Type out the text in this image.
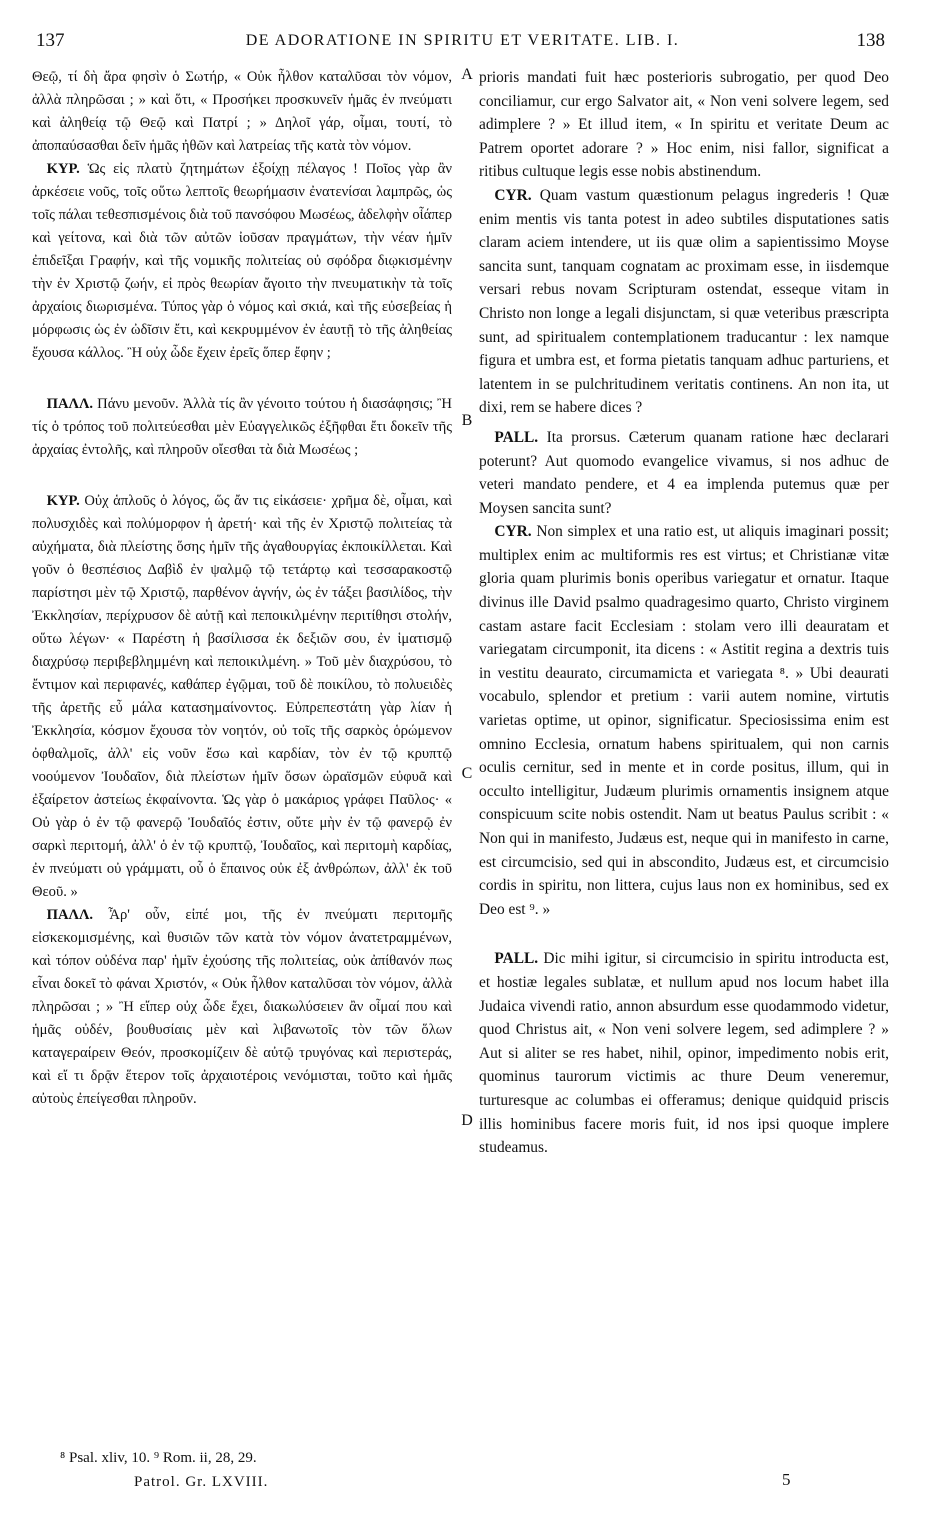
137	DE ADORATIONE IN SPIRITU ET VERITATE. LIB. I.	138

Θεῷ, τί δὴ ἄρα φησὶν ὁ Σωτήρ, « Οὐκ ἦλθον καταλῦσαι τὸν νόμον, ἀλλὰ πληρῶσαι ; » καὶ ὅτι, « Προσήκει προσκυνεῖν ἡμᾶς ἐν πνεύματι καὶ ἀληθείᾳ τῷ Θεῷ καὶ Πατρί ; » Δηλοῖ γάρ, οἶμαι, τουτί, τὸ ἀποπαύσασθαι δεῖν ἡμᾶς ἠθῶν καὶ λατρείας τῆς κατὰ τὸν νόμον.

 ΚΥΡ. Ὡς εἰς πλατὺ ζητημάτων ἐξοίχῃ πέλαγος ! Ποῖος γὰρ ἂν ἀρκέσειε νοῦς, τοῖς οὕτω λεπτοῖς θεωρήμασιν ἐνατενίσαι λαμπρῶς, ὡς τοῖς πάλαι τεθεσπισμένοις διὰ τοῦ πανσόφου Μωσέως, ἀδελφὴν οἷάπερ καὶ γείτονα, καὶ διὰ τῶν αὐτῶν ἰοῦσαν πραγμάτων, τὴν νέαν ἡμῖν ἐπιδεῖξαι Γραφήν, καὶ τῆς νομικῆς πολιτείας οὐ σφόδρα διῳκισμένην τὴν ἐν Χριστῷ ζωήν, εἰ πρὸς θεωρίαν ἄγοιτο τὴν πνευματικὴν τὰ τοῖς ἀρχαίοις διωρισμένα. Τύπος γὰρ ὁ νόμος καὶ σκιά, καὶ τῆς εὐσεβείας ἡ μόρφωσις ὡς ἐν ὠδῖσιν ἔτι, καὶ κεκρυμμένον ἐν ἑαυτῇ τὸ τῆς ἀληθείας ἔχουσα κάλλος. Ἢ οὐχ ὧδε ἔχειν ἐρεῖς ὅπερ ἔφην ;

 ΠΑΛΛ. Πάνυ μενοῦν. Ἀλλὰ τίς ἂν γένοιτο τούτου ἡ διασάφησις; Ἢ τίς ὁ τρόπος τοῦ πολιτεύεσθαι μὲν Εὐαγγελικῶς ἐξῆφθαι ἔτι δοκεῖν τῆς ἀρχαίας ἐντολῆς, καὶ πληροῦν οἴεσθαι τὰ διὰ Μωσέως ;

 ΚΥΡ. Οὐχ ἁπλοῦς ὁ λόγος, ὥς ἄν τις εἰκάσειε· χρῆμα δὲ, οἶμαι, καὶ πολυσχιδὲς καὶ πολύμορφον ἡ ἀρετή· καὶ τῆς ἐν Χριστῷ πολιτείας τὰ αὐχήματα, διὰ πλείστης ὅσης ἡμῖν τῆς ἀγαθουργίας ἐκποικίλλεται. Καὶ γοῦν ὁ θεσπέσιος Δαβὶδ ἐν ψαλμῷ τῷ τετάρτῳ καὶ τεσσαρακοστῷ παρίστησι μὲν τῷ Χριστῷ, παρθένον ἁγνήν, ὡς ἐν τάξει βασιλίδος, τὴν Ἐκκλησίαν, περίχρυσον δὲ αὐτῇ καὶ πεποικιλμένην περιτίθησι στολήν, οὕτω λέγων· « Παρέστη ἡ βασίλισσα ἐκ δεξιῶν σου, ἐν ἱματισμῷ διαχρύσῳ περιβεβλημμένη καὶ πεποικιλμένη. » Τοῦ μὲν διαχρύσου, τὸ ἔντιμον καὶ περιφανές, καθάπερ ἐγῷμαι, τοῦ δὲ ποικίλου, τὸ πολυειδὲς τῆς ἀρετῆς εὖ μάλα κατασημαίνοντος. Εὐπρεπεστάτη γὰρ λίαν ἡ Ἐκκλησία, κόσμον ἔχουσα τὸν νοητόν, οὐ τοῖς τῆς σαρκὸς ὁρώμενον ὀφθαλμοῖς, ἀλλ' εἰς νοῦν ἔσω καὶ καρδίαν, τὸν ἐν τῷ κρυπτῷ νοούμενον Ἰουδαῖον, διὰ πλείστων ἡμῖν ὅσων ὡραϊσμῶν εὐφυᾶ καὶ ἐξαίρετον ἀστείως ἐκφαίνοντα. Ὡς γὰρ ὁ μακάριος γράφει Παῦλος· « Οὐ γὰρ ὁ ἐν τῷ φανερῷ Ἰουδαῖός ἐστιν, οὔτε μὴν ἐν τῷ φανερῷ ἐν σαρκὶ περιτομή, ἀλλ' ὁ ἐν τῷ κρυπτῷ, Ἰουδαῖος, καὶ περιτομὴ καρδίας, ἐν πνεύματι οὐ γράμματι, οὗ ὁ ἔπαινος οὐκ ἐξ ἀνθρώπων, ἀλλ' ἐκ τοῦ Θεοῦ. »

 ΠΑΛΛ. Ἆρ' οὖν, εἰπέ μοι, τῆς ἐν πνεύματι περιτομῆς εἰσκεκομισμένης, καὶ θυσιῶν τῶν κατὰ τὸν νόμον ἀνατετραμμένων, καὶ τόπον οὐδένα παρ' ἡμῖν ἐχούσης τῆς πολιτείας, οὐκ ἀπίθανόν πως εἶναι δοκεῖ τὸ φάναι Χριστόν, « Οὐκ ἦλθον καταλῦσαι τὸν νόμον, ἀλλὰ πληρῶσαι ; » Ἢ εἴπερ οὐχ ὧδε ἔχει, διακωλύσειεν ἂν οἶμαί που καὶ ἡμᾶς οὐδέν, βουθυσίαις μὲν καὶ λιβανωτοῖς τὸν τῶν ὅλων καταγεραίρειν Θεόν, προσκομίζειν δὲ αὐτῷ τρυγόνας καὶ περιστεράς, καὶ εἴ τι δρᾷν ἕτερον τοῖς ἀρχαιοτέροις νενόμισται, τοῦτο καὶ ἡμᾶς αὐτοὺς ἐπείγεσθαι πληροῦν.

A
B
C
D

prioris mandati fuit hæc posterioris subrogatio, per quod Deo conciliamur, cur ergo Salvator ait, « Non veni solvere legem, sed adimplere ? » Et illud item, « In spiritu et veritate Deum ac Patrem oportet adorare ? » Hoc enim, nisi fallor, significat a ritibus cultuque legis esse nobis abstinendum.

 CYR. Quam vastum quæstionum pelagus ingrederis ! Quæ enim mentis vis tanta potest in adeo subtiles disputationes satis claram aciem intendere, ut iis quæ olim a sapientissimo Moyse sancita sunt, tanquam cognatam ac proximam esse, in iisdemque versari rebus novam Scripturam ostendat, esseque vitam in Christo non longe a legali disjunctam, si quæ veteribus præscripta sunt, ad spiritualem contemplationem traducantur : lex namque figura et umbra est, et forma pietatis tanquam adhuc parturiens, et latentem in se pulchritudinem veritatis continens. An non ita, ut dixi, rem se habere dices ?

 PALL. Ita prorsus. Cæterum quanam ratione hæc declarari poterunt? Aut quomodo evangelice vivamus, si nos adhuc de veteri mandato pendere, et 4 ea implenda putemus quæ per Moysen sancita sunt?

 CYR. Non simplex et una ratio est, ut aliquis imaginari possit; multiplex enim ac multiformis res est virtus; et Christianæ vitæ gloria quam plurimis bonis operibus variegatur et ornatur. Itaque divinus ille David psalmo quadragesimo quarto, Christo virginem castam astare facit Ecclesiam : stolam vero illi deauratam et variegatam circumponit, ita dicens : « Astitit regina a dextris tuis in vestitu deaurato, circumamicta et variegata ⁸. » Ubi deaurati vocabulo, splendor et pretium : varii autem nomine, virtutis varietas optime, ut opinor, significatur. Speciosissima enim est omnino Ecclesia, ornatum habens spiritualem, qui non carnis oculis cernitur, sed in mente et in corde positus, illum, qui in occulto intelligitur, Judæum plurimis ornamentis insignem atque conspicuum scite nobis ostendit. Nam ut beatus Paulus scribit : « Non qui in manifesto, Judæus est, neque qui in manifesto in carne, est circumcisio, sed qui in abscondito, Judæus est, et circumcisio cordis in spiritu, non littera, cujus laus non ex hominibus, sed ex Deo est ⁹. »

 PALL. Dic mihi igitur, si circumcisio in spiritu introducta est, et hostiæ legales sublatæ, et nullum apud nos locum habet illa Judaica vivendi ratio, annon absurdum esse quodammodo videtur, quod Christus ait, « Non veni solvere legem, sed adimplere ? » Aut si aliter se res habet, nihil, opinor, impedimento nobis erit, quominus taurorum victimis ac thure Deum veneremur, turturesque ac columbas ei offeramus; denique quidquid priscis illis hominibus facere moris fuit, id nos ipsi quoque implere studeamus.

⁸ Psal. xliv, 10. ⁹ Rom. ii, 28, 29.
Patrol. Gr. LXVIII.	5
